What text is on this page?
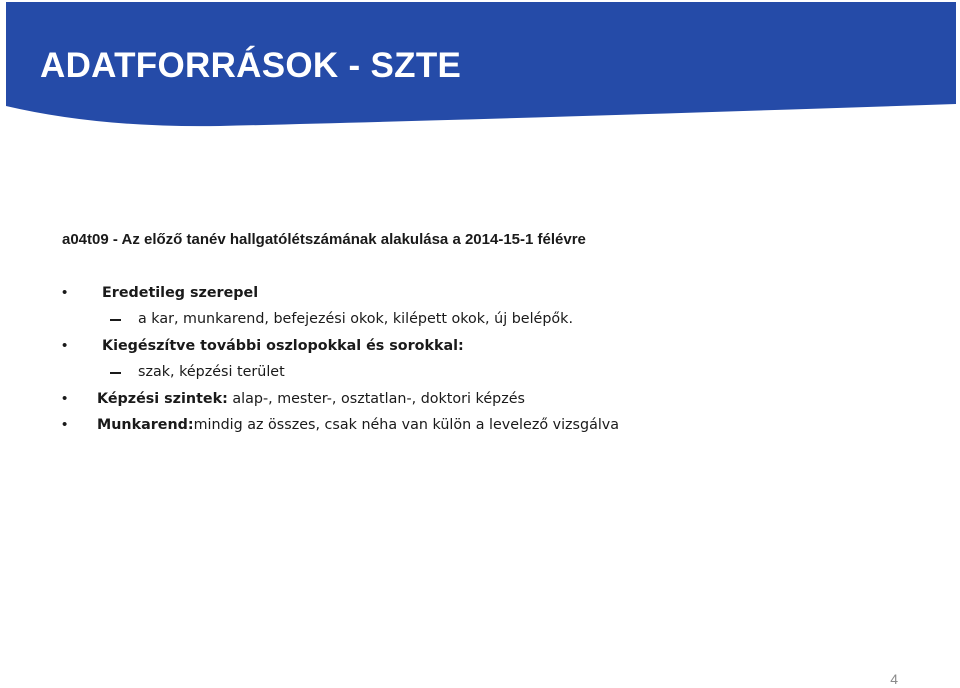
ADATFORRÁSOK - SZTE
a04t09 - Az előző tanév hallgatólétszámának alakulása a 2014-15-1 félévre
• Eredetileg szerepel
a kar, munkarend, befejezési okok, kilépett okok, új belépők.
• Kiegészítve további oszlopokkal és sorokkal:
szak, képzési terület
• Képzési szintek: alap-, mester-, osztatlan-, doktori képzés
• Munkarend:mindig az összes, csak néha van külön a levelező vizsgálva
4
